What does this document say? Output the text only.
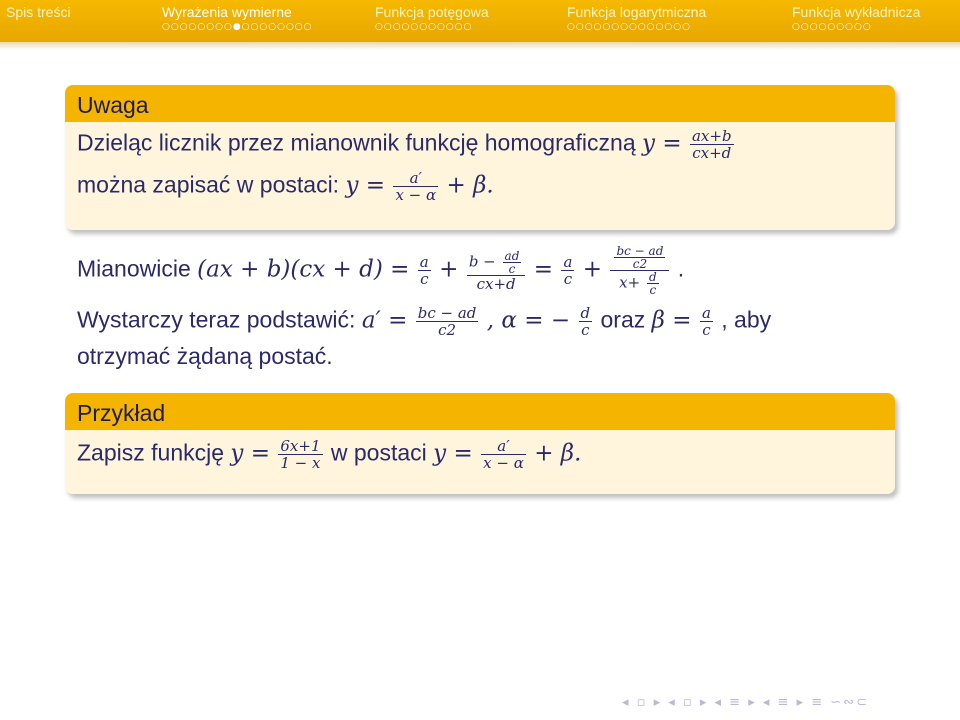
Spis treści	Wyrażenia wymierne
○○○○○○○○●○○○○○○○○
Funkcja potęgowa
○○○○○○○○○○○
Funkcja logarytmiczna
○○○○○○○○○○○○○○
Funkcja wykładnicza
○○○○○○○○○
Uwaga
Dzieląc licznik przez mianownik funkcję homograficzną $y = \frac{ax+b}{cx+d}$
można zapisać w postaci: $y = \frac{a'}{x - \alpha} + \beta$.
Mianowicie $(ax + b)(cx + d) = \frac{a}{c} + \frac{b - \frac{ad}{c}}{cx+d} = \frac{a}{c} + \frac{\frac{bc - ad}{c2}}{x+ \frac{d}{c}}$ .
Wystarczy teraz podstawić: $a' = \frac{bc - ad}{c2}$ , α = − $\frac{d}{c}$ oraz $\beta = \frac{a}{c}$ , aby
otrzymać żądaną postać.
Przykład
Zapisz funkcję $y = \frac{6x+1}{1 - x}$ w postaci $y = \frac{a'}{x - \alpha} + \beta$.
◂ ▫ ▸ ◂ ▫ ▸ ◂ ≡ ▸ ◂ ≡ ▸ ≡ ∽∾⊂
